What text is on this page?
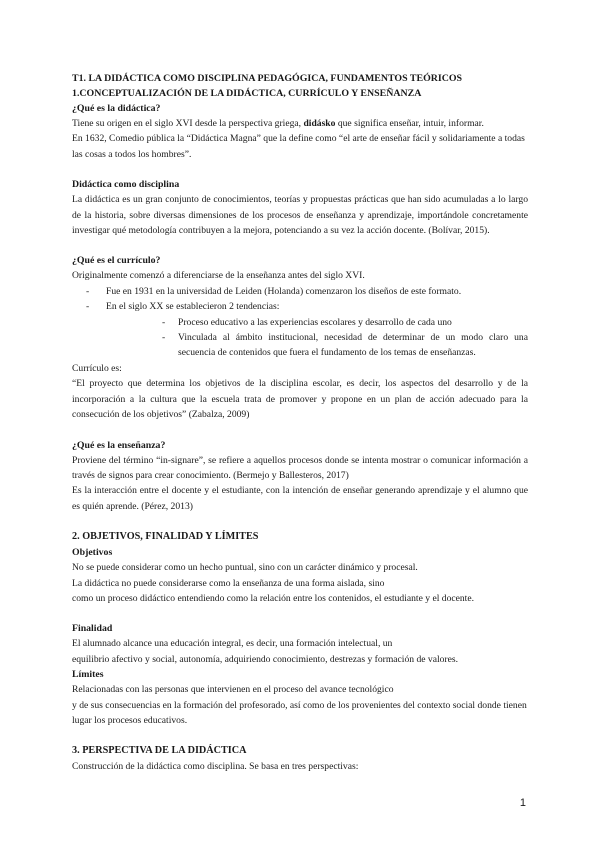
T1. LA DIDÁCTICA COMO DISCIPLINA PEDAGÓGICA, FUNDAMENTOS TEÓRICOS

1.CONCEPTUALIZACIÓN DE LA DIDÁCTICA, CURRÍCULO Y ENSEÑANZA

¿Qué es la didáctica?

Tiene su origen en el siglo XVI desde la perspectiva griega, didásko que significa enseñar, intuir, informar.

En 1632, Comedio pública la “Didáctica Magna” que la define como “el arte de enseñar fácil y solidariamente a todas las cosas a todos los hombres”.

Didáctica como disciplina

La didáctica es un gran conjunto de conocimientos, teorías y propuestas prácticas que han sido acumuladas a lo largo de la historia, sobre diversas dimensiones de los procesos de enseñanza y aprendizaje, importándole concretamente investigar qué metodología contribuyen a la mejora, potenciando a su vez la acción docente. (Bolívar, 2015).

¿Qué es el currículo?

Originalmente comenzó a diferenciarse de la enseñanza antes del siglo XVI.

- Fue en 1931 en la universidad de Leiden (Holanda) comenzaron los diseños de este formato.
- En el siglo XX se establecieron 2 tendencias:
- Proceso educativo a las experiencias escolares y desarrollo de cada uno
- Vinculada al ámbito institucional, necesidad de determinar de un modo claro una secuencia de contenidos que fuera el fundamento de los temas de enseñanzas.

Currículo es:

“El proyecto que determina los objetivos de la disciplina escolar, es decir, los aspectos del desarrollo y de la incorporación a la cultura que la escuela trata de promover y propone en un plan de acción adecuado para la consecución de los objetivos” (Zabalza, 2009)

¿Qué es la enseñanza?

Proviene del término “in-signare”, se refiere a aquellos procesos donde se intenta mostrar o comunicar información a través de signos para crear conocimiento. (Bermejo y Ballesteros, 2017)

Es la interacción entre el docente y el estudiante, con la intención de enseñar generando aprendizaje y el alumno que es quién aprende. (Pérez, 2013)

2. OBJETIVOS, FINALIDAD Y LÍMITES
Objetivos

No se puede considerar como un hecho puntual, sino con un carácter dinámico y procesal.

La didáctica no puede considerarse como la enseñanza de una forma aislada, sino

como un proceso didáctico entendiendo como la relación entre los contenidos, el estudiante y el docente.

Finalidad

El alumnado alcance una educación integral, es decir, una formación intelectual, un

equilibrio afectivo y social, autonomía, adquiriendo conocimiento, destrezas y formación de valores.

Límites

Relacionadas con las personas que intervienen en el proceso del avance tecnológico

y de sus consecuencias en la formación del profesorado, así como de los provenientes del contexto social donde tienen lugar los procesos educativos.

3. PERSPECTIVA DE LA DIDÁCTICA

Construcción de la didáctica como disciplina. Se basa en tres perspectivas:

1
